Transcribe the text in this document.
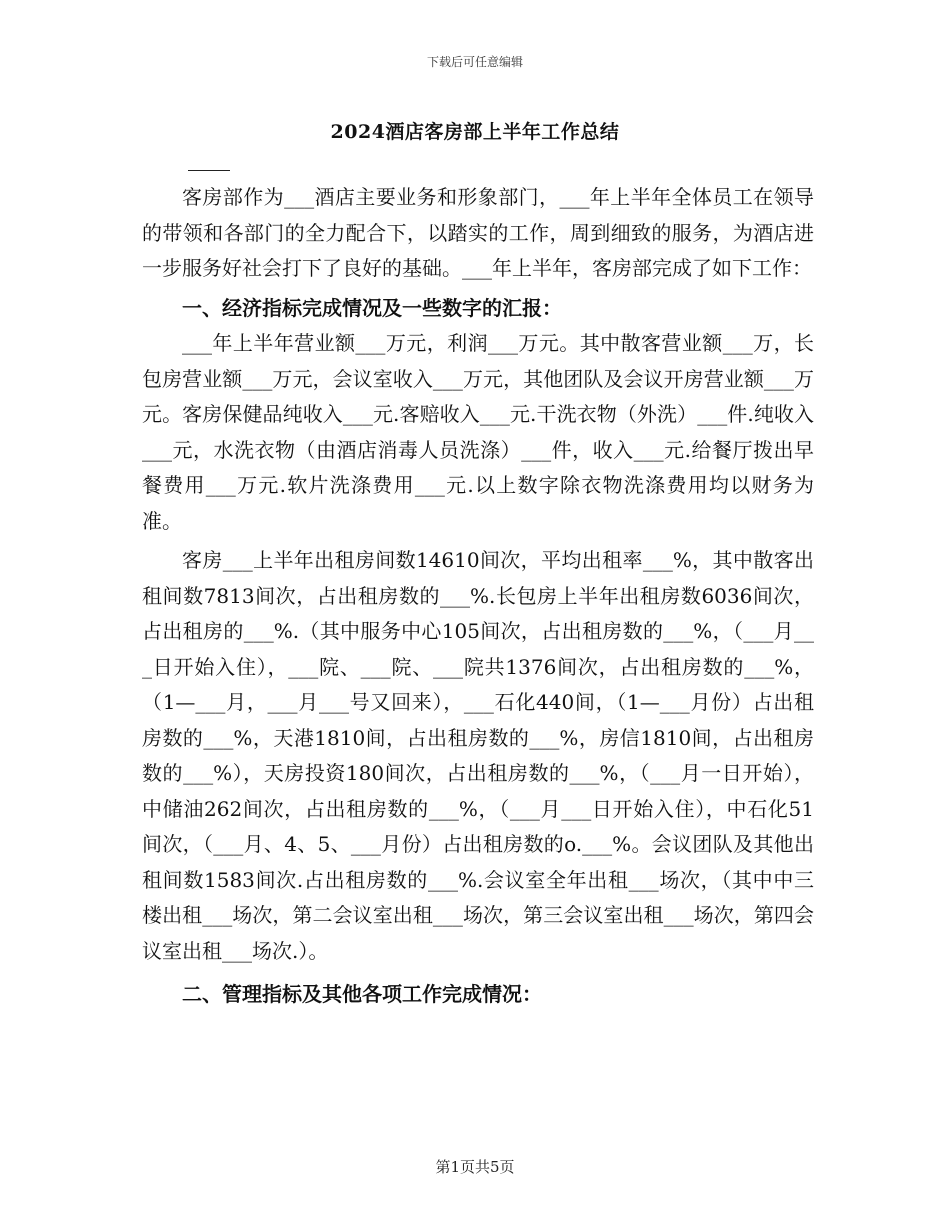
下载后可任意编辑
2024酒店客房部上半年工作总结

客房部作为___酒店主要业务和形象部门，___年上半年全体员工在领导的带领和各部门的全力配合下，以踏实的工作，周到细致的服务，为酒店进一步服务好社会打下了良好的基础。___年上半年，客房部完成了如下工作：

一、经济指标完成情况及一些数字的汇报：

___年上半年营业额___万元，利润___万元。其中散客营业额___万，长包房营业额___万元，会议室收入___万元，其他团队及会议开房营业额___万元。客房保健品纯收入___元.客赔收入___元.干洗衣物（外洗）___件.纯收入___元，水洗衣物（由酒店消毒人员洗涤）___件，收入___元.给餐厅拨出早餐费用___万元.软片洗涤费用___元.以上数字除衣物洗涤费用均以财务为准。

客房___上半年出租房间数14610间次，平均出租率___%，其中散客出租间数7813间次，占出租房数的___%.长包房上半年出租房数6036间次，占出租房的___%.（其中服务中心105间次，占出租房数的___%，（___月___日开始入住），___院、___院、___院共1376间次，占出租房数的___%，（1—___月，___月___号又回来），___石化440间，（1—___月份）占出租房数的___%，天港1810间，占出租房数的___%，房信1810间，占出租房数的___%），天房投资180间次，占出租房数的___%，（___月一日开始），中储油262间次，占出租房数的___%，（___月___日开始入住），中石化51间次，（___月、4、5、___月份）占出租房数的o.___%。会议团队及其他出租间数1583间次.占出租房数的___%.会议室全年出租___场次，（其中中三楼出租___场次，第二会议室出租___场次，第三会议室出租___场次，第四会议室出租___场次.）。

二、管理指标及其他各项工作完成情况：

第1页共5页
